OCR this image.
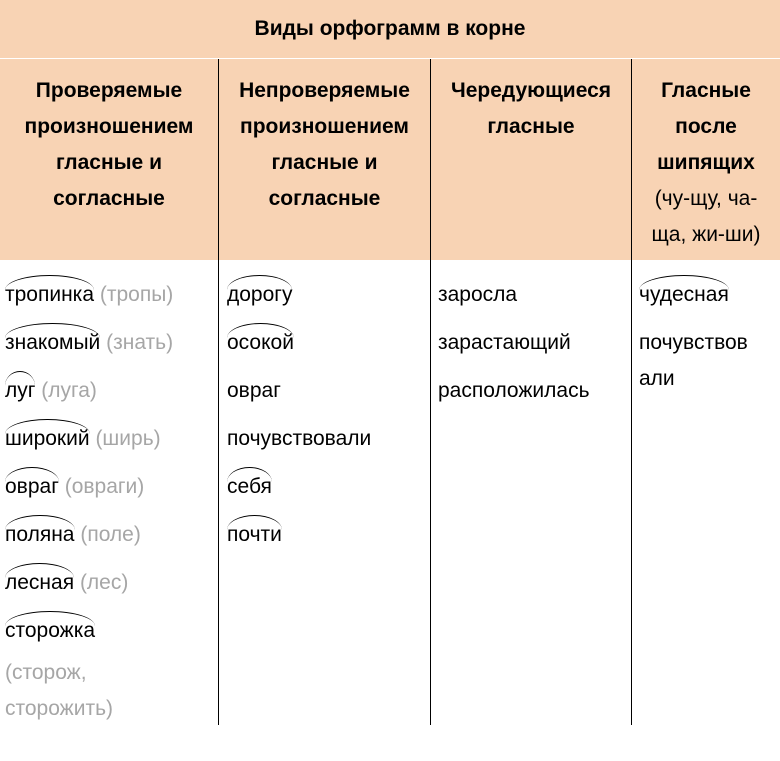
Виды орфограмм в корне
Проверяемые
произношением
гласные и
согласные
тропинка (тропы)
знакомый (знать)
луг (луга)
широкий (ширь)
овраг (овраги)
поляна (поле)
лесная (лес)
сторожка
(сторож,
сторожить)
Непроверяемые
произношением
гласные и
согласные
дорогу
осокой
овраг
почувствовали
себя
почти
Чередующиеся
гласные
заросла
зарастающий
расположилась
Гласные
после
шипящих
(чу-щу, ча-
ща, жи-ши)
чудесная
почувствов
али
